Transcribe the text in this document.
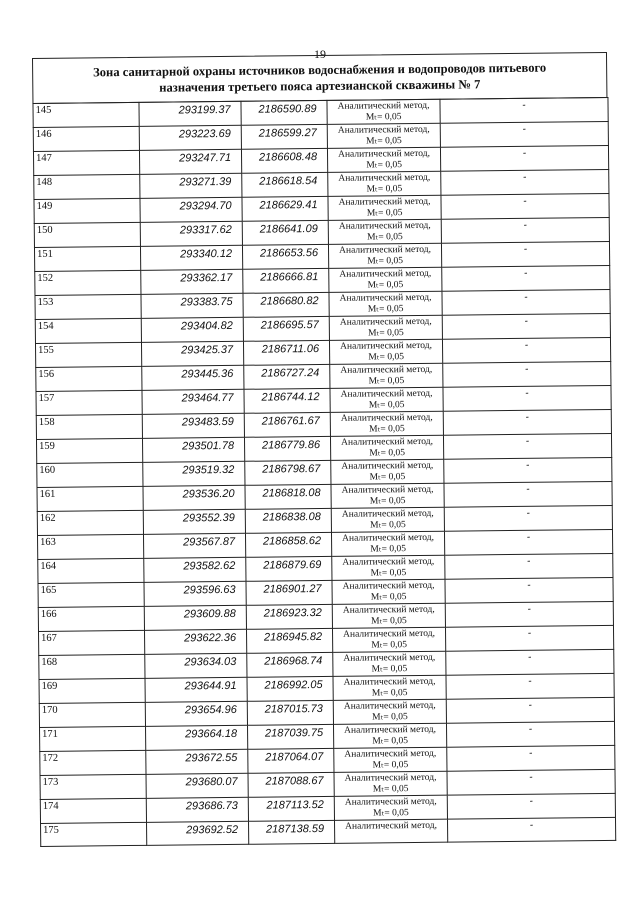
19
Зона санитарной охраны источников водоснабжения и водопроводов питьевого
назначения третьего пояса артезианской скважины № 7
145	293199.37	2186590.89	Аналитический метод,
Mₜ= 0,05	-

146	293223.69	2186599.27	Аналитический метод,
Mₜ= 0,05	-

147	293247.71	2186608.48	Аналитический метод,
Mₜ= 0,05	-

148	293271.39	2186618.54	Аналитический метод,
Mₜ= 0,05	-

149	293294.70	2186629.41	Аналитический метод,
Mₜ= 0,05	-

150	293317.62	2186641.09	Аналитический метод,
Mₜ= 0,05	-

151	293340.12	2186653.56	Аналитический метод,
Mₜ= 0,05	-

152	293362.17	2186666.81	Аналитический метод,
Mₜ= 0,05	-

153	293383.75	2186680.82	Аналитический метод,
Mₜ= 0,05	-

154	293404.82	2186695.57	Аналитический метод,
Mₜ= 0,05	-

155	293425.37	2186711.06	Аналитический метод,
Mₜ= 0,05	-

156	293445.36	2186727.24	Аналитический метод,
Mₜ= 0,05	-

157	293464.77	2186744.12	Аналитический метод,
Mₜ= 0,05	-

158	293483.59	2186761.67	Аналитический метод,
Mₜ= 0,05	-

159	293501.78	2186779.86	Аналитический метод,
Mₜ= 0,05	-

160	293519.32	2186798.67	Аналитический метод,
Mₜ= 0,05	-

161	293536.20	2186818.08	Аналитический метод,
Mₜ= 0,05	-

162	293552.39	2186838.08	Аналитический метод,
Mₜ= 0,05	-

163	293567.87	2186858.62	Аналитический метод,
Mₜ= 0,05	-

164	293582.62	2186879.69	Аналитический метод,
Mₜ= 0,05	-

165	293596.63	2186901.27	Аналитический метод,
Mₜ= 0,05	-

166	293609.88	2186923.32	Аналитический метод,
Mₜ= 0,05	-

167	293622.36	2186945.82	Аналитический метод,
Mₜ= 0,05	-

168	293634.03	2186968.74	Аналитический метод,
Mₜ= 0,05	-

169	293644.91	2186992.05	Аналитический метод,
Mₜ= 0,05	-

170	293654.96	2187015.73	Аналитический метод,
Mₜ= 0,05	-

171	293664.18	2187039.75	Аналитический метод,
Mₜ= 0,05	-

172	293672.55	2187064.07	Аналитический метод,
Mₜ= 0,05	-

173	293680.07	2187088.67	Аналитический метод,
Mₜ= 0,05	-

174	293686.73	2187113.52	Аналитический метод,
Mₜ= 0,05	-

175	293692.52	2187138.59	Аналитический метод,	-
